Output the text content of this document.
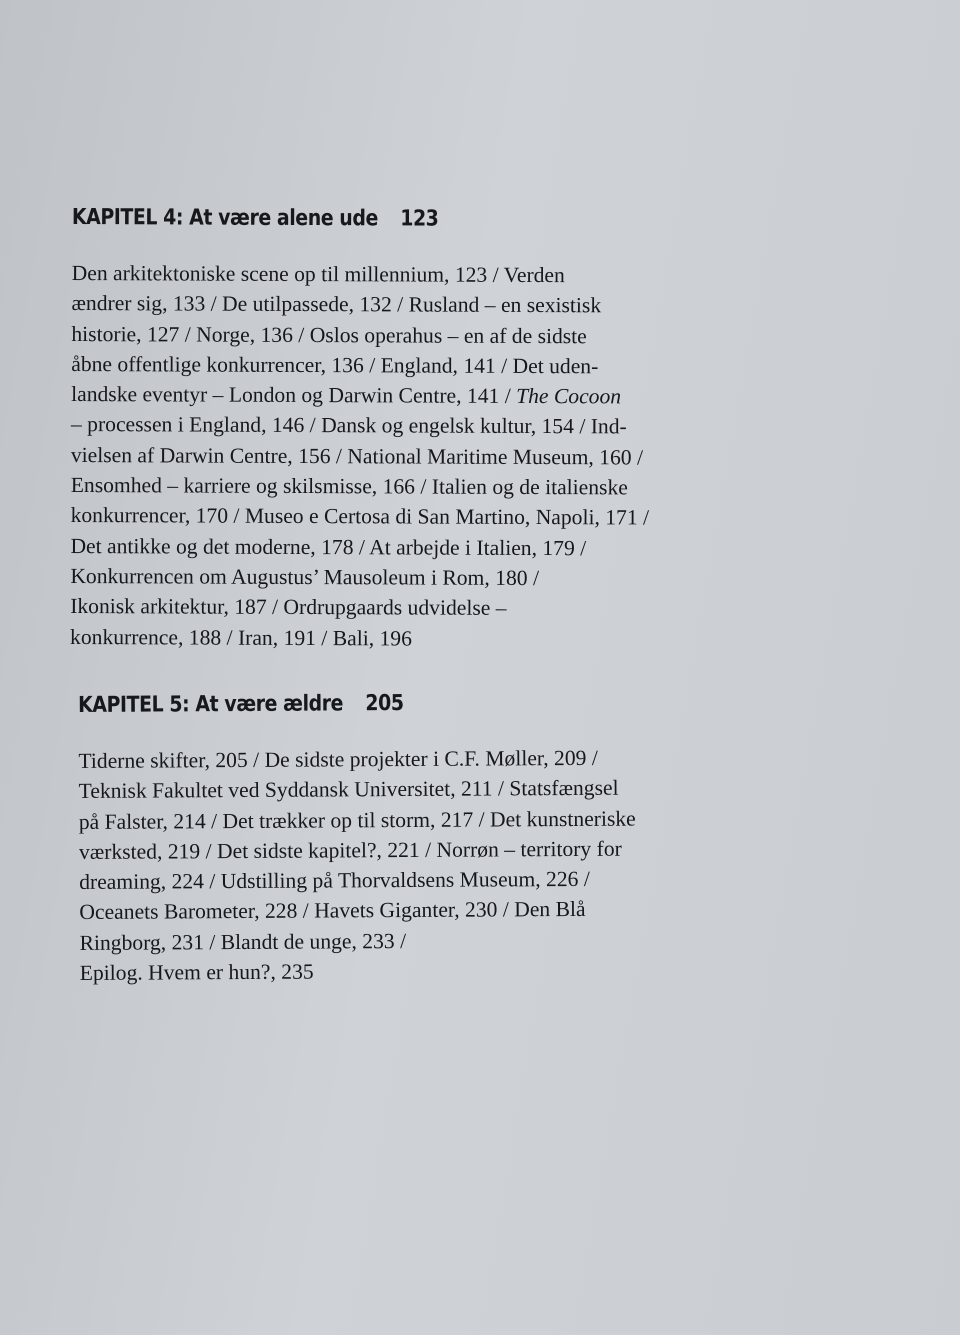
KAPITEL 4: At være alene ude 123
Den arkitektoniske scene op til millennium, 123 / Verden
ændrer sig, 133 / De utilpassede, 132 / Rusland – en sexistisk
historie, 127 / Norge, 136 / Oslos operahus – en af de sidste
åbne offentlige konkurrencer, 136 / England, 141 / Det uden-
landske eventyr – London og Darwin Centre, 141 / The Cocoon
– processen i England, 146 / Dansk og engelsk kultur, 154 / Ind-
vielsen af Darwin Centre, 156 / National Maritime Museum, 160 /
Ensomhed – karriere og skilsmisse, 166 / Italien og de italienske
konkurrencer, 170 / Museo e Certosa di San Martino, Napoli, 171 /
Det antikke og det moderne, 178 / At arbejde i Italien, 179 /
Konkurrencen om Augustus’ Mausoleum i Rom, 180 /
Ikonisk arkitektur, 187 / Ordrupgaards udvidelse –
konkurrence, 188 / Iran, 191 / Bali, 196
KAPITEL 5: At være ældre 205
Tiderne skifter, 205 / De sidste projekter i C.F. Møller, 209 /
Teknisk Fakultet ved Syddansk Universitet, 211 / Statsfængsel
på Falster, 214 / Det trækker op til storm, 217 / Det kunstneriske
værksted, 219 / Det sidste kapitel?, 221 / Norrøn – territory for
dreaming, 224 / Udstilling på Thorvaldsens Museum, 226 /
Oceanets Barometer, 228 / Havets Giganter, 230 / Den Blå
Ringborg, 231 / Blandt de unge, 233 /
Epilog. Hvem er hun?, 235
